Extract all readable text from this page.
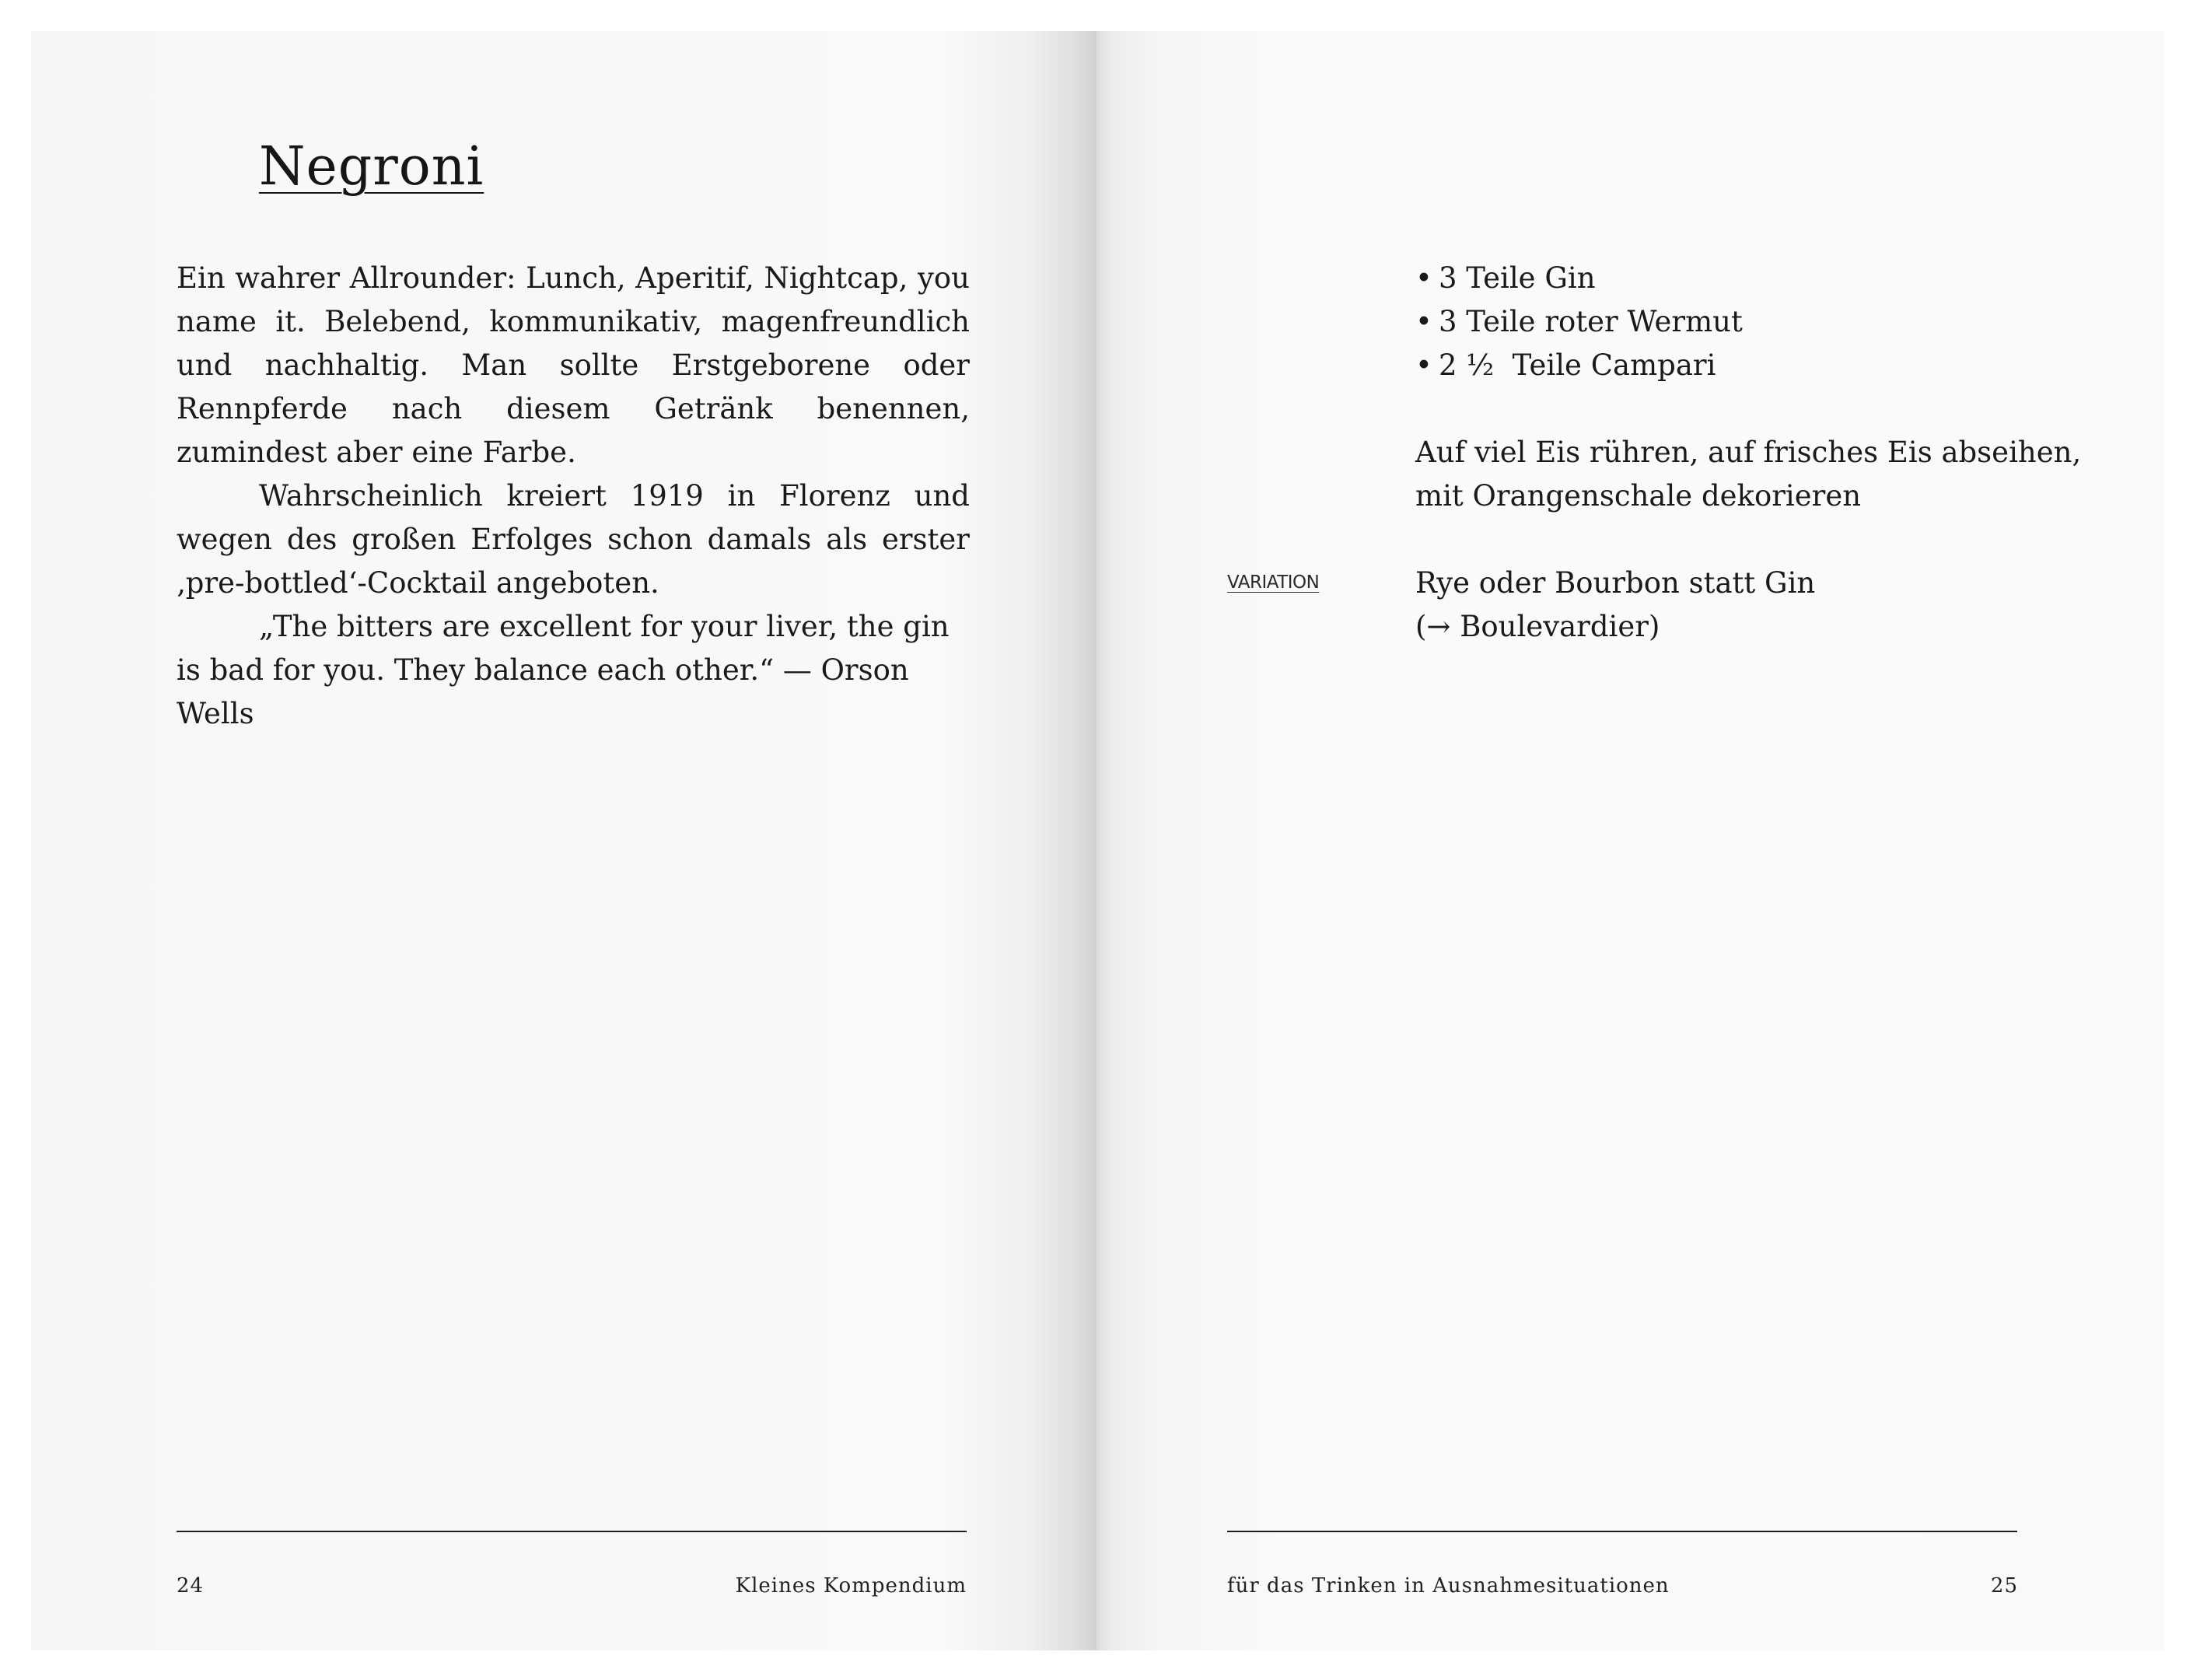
Negroni

Ein wahrer Allrounder: Lunch, Aperitif, Nightcap, you name it. Belebend, kommunikativ, magenfreundlich und nachhaltig. Man sollte Erstgeborene oder Rennpferde nach diesem Getränk benennen, zumindest aber eine Farbe.

Wahrscheinlich kreiert 1919 in Florenz und wegen des großen Erfolges schon damals als erster ‚pre-bottled‘-Cocktail angeboten.

„The bitters are excellent for your liver, the gin is bad for you. They balance each other.“ — Orson Wells

24	Kleines Kompendium
• 3 Teile Gin
• 3 Teile roter Wermut
• 2 ½  Teile Campari

Auf viel Eis rühren, auf frisches Eis abseihen, mit Orangenschale dekorieren

VARIATION	Rye oder Bourbon statt Gin
(→ Boulevardier)
für das Trinken in Ausnahmesituationen	25
